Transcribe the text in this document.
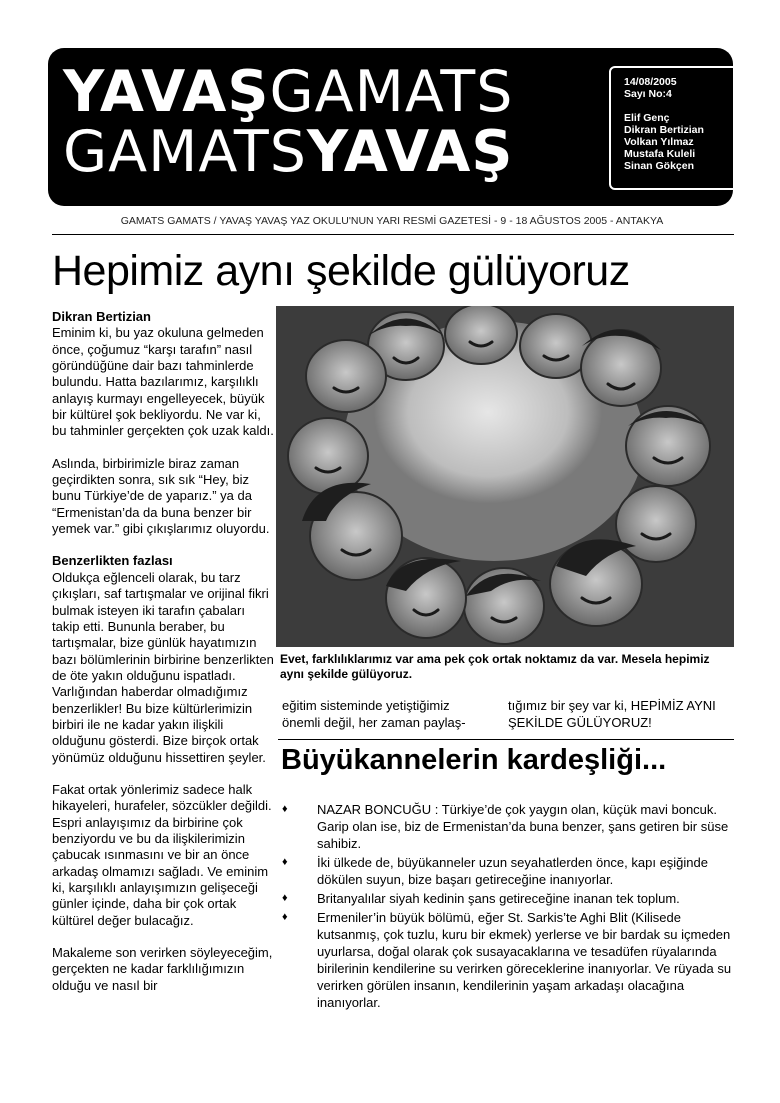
YAVAŞGAMATS
GAMATSYAVAŞ
14/08/2005
Sayı No:4
Elif Genç
Dikran Bertizian
Volkan Yılmaz
Mustafa Kuleli
Sinan Gökçen
GAMATS GAMATS / YAVAŞ YAVAŞ YAZ OKULU'NUN YARI RESMİ GAZETESİ - 9 - 18 AĞUSTOS 2005 - ANTAKYA
Hepimiz aynı şekilde gülüyoruz

Dikran Bertizian
Eminim ki, bu yaz okuluna gelmeden önce, çoğumuz “karşı tarafın” nasıl göründüğüne dair bazı tahminlerde bulundu. Hatta bazılarımız, karşılıklı anlayış kurmayı engelleyecek, büyük bir kültürel şok bekliyordu. Ne var ki, bu tahminler gerçekten çok uzak kaldı.

Aslında, birbirimizle biraz zaman geçirdikten sonra, sık sık “Hey, biz bunu Türkiye’de de yaparız.” ya da “Ermenistan’da da buna benzer bir yemek var.” gibi çıkışlarımız oluyordu.

Benzerlikten fazlası
Oldukça eğlenceli olarak, bu tarz çıkışları, saf tartışmalar ve orijinal fikri bulmak isteyen iki tarafın çabaları takip etti. Bununla beraber, bu tartışmalar, bize günlük hayatımızın bazı bölümlerinin birbirine benzerlikten de öte yakın olduğunu ispatladı. Varlığından haberdar olmadığımız benzerlikler! Bu bize kültürlerimizin birbiri ile ne kadar yakın ilişkili olduğunu gösterdi. Bize birçok ortak yönümüz olduğunu hissettiren şeyler.

Fakat ortak yönlerimiz sadece halk hikayeleri, hurafeler, sözcükler değildi. Espri anlayışımız da birbirine çok benziyordu ve bu da ilişkilerimizin çabucak ısınmasını ve bir an önce arkadaş olmamızı sağladı. Ve eminim ki, karşılıklı anlayışımızın gelişeceği günler içinde, daha bir çok ortak kültürel değer bulacağız.

Makaleme son verirken söyleyeceğim, gerçekten ne kadar farklılığımızın olduğu ve nasıl bir

Evet, farklılıklarımız var ama pek çok ortak noktamız da var. Mesela hepimiz aynı şekilde gülüyoruz.
eğitim sisteminde yetiştiğimiz önemli değil, her zaman paylaş-
tığımız bir şey var ki, HEPİMİZ AYNI ŞEKİLDE GÜLÜYORUZ!
Büyükannelerin kardeşliği...
♦ NAZAR BONCUĞU : Türkiye’de çok yaygın olan, küçük mavi boncuk. Garip olan ise, biz de Ermenistan’da buna benzer, şans getiren bir süse sahibiz.
♦ İki ülkede de, büyükanneler uzun seyahatlerden önce, kapı eşiğinde dökülen suyun, bize başarı getireceğine inanıyorlar.
♦ Britanyalılar siyah kedinin şans getireceğine inanan tek toplum.
♦ Ermeniler’in büyük bölümü, eğer St. Sarkis’te Aghi Blit (Kilisede kutsanmış, çok tuzlu, kuru bir ekmek) yerlerse ve bir bardak su içmeden uyurlarsa, doğal olarak çok susayacaklarına ve tesadüfen rüyalarında birilerinin kendilerine su verirken göreceklerine inanıyorlar. Ve rüyada su verirken görülen insanın, kendilerinin yaşam arkadaşı olacağına inanıyorlar.
